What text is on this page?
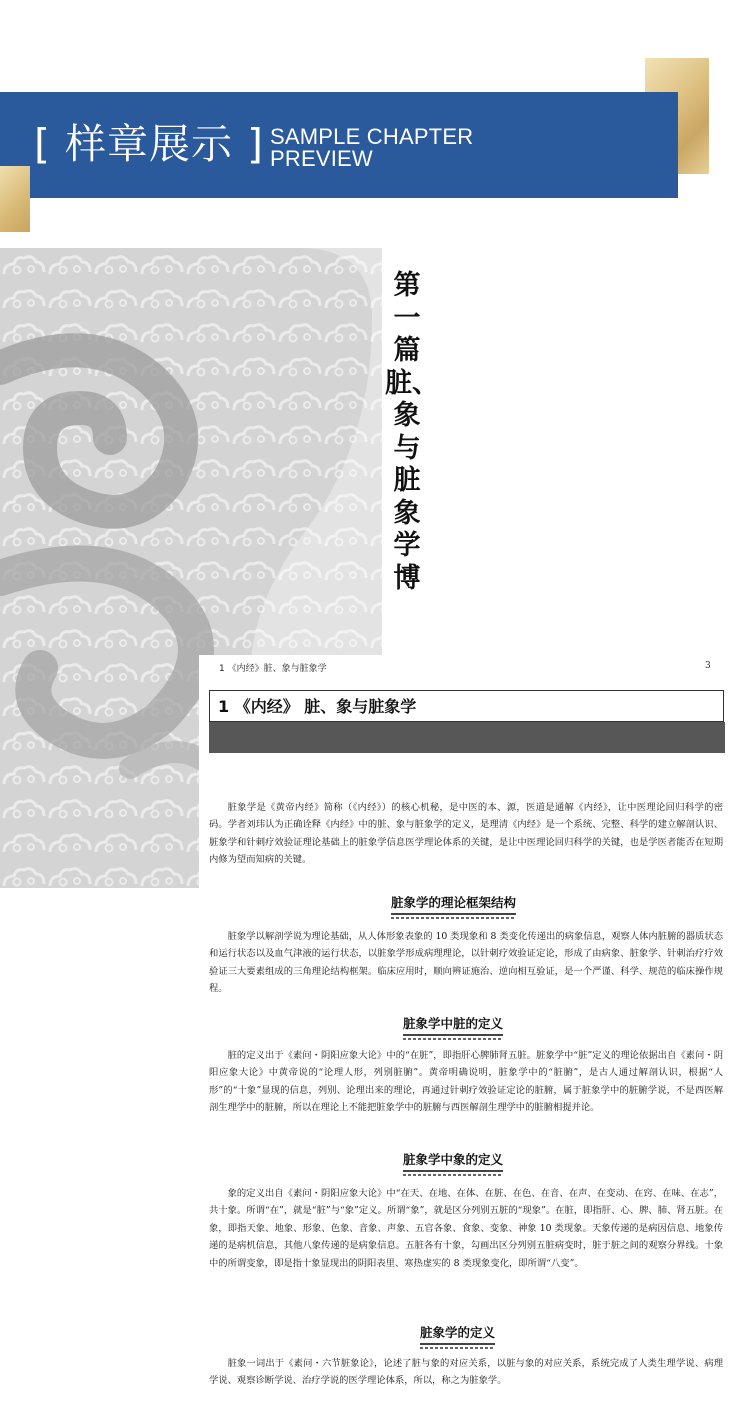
[ 样章展示 ] SAMPLE CHAPTER
PREVIEW
第一篇 脏、象与脏象学博
1 《内经》脏、象与脏象学	3
1 《内经》 脏、象与脏象学

脏象学是《黄帝内经》简称（《内经》）的核心机秘，是中医的本、源，医道是通解《内经》，让中医理论回归科学的密码。学者刘玮认为正确诠释《内经》中的脏、象与脏象学的定义，是理清《内经》是一个系统、完整、科学的建立解剖认识、脏象学和针刺疗效验证理论基础上的脏象学信息医学理论体系的关键，是让中医理论回归科学的关键，也是学医者能否在短期内修为望而知病的关键。

脏象学的理论框架结构

脏象学以解剖学说为理论基础，从人体形象表象的 10 类现象和 8 类变化传递出的病象信息，观察人体内脏腑的器质状态和运行状态以及血气津液的运行状态，以脏象学形成病理理论，以针刺疗效验证定论，形成了由病象、脏象学、针刺治疗疗效验证三大要素组成的三角理论结构框架。临床应用时，顺向辨证施治、逆向相互验证，是一个严谨、科学、规范的临床操作规程。

脏象学中脏的定义

脏的定义出于《素问・阴阳应象大论》中的“在脏”，即指肝心脾肺肾五脏。脏象学中“脏”定义的理论依据出自《素问・阴阳应象大论》中黄帝说的“论理人形，列别脏腑”。黄帝明确说明，脏象学中的“脏腑”，是古人通过解剖认识，根据“人形”的“十象”显现的信息，列别、论理出来的理论，再通过针刺疗效验证定论的脏腑，属于脏象学中的脏腑学说，不是西医解剖生理学中的脏腑，所以在理论上不能把脏象学中的脏腑与西医解剖生理学中的脏腑相提并论。

脏象学中象的定义

象的定义出自《素问・阴阳应象大论》中“在天、在地、在体、在脏、在色、在音、在声、在变动、在窍、在味、在志”，共十象。所谓“在”，就是“脏”与“象”定义。所谓“象”，就是区分列别五脏的“现象”。在脏，即指肝、心、脾、肺、肾五脏。在象，即指天象、地象、形象、色象、音象、声象、五官各象、食象、变象、神象 10 类现象。天象传递的是病因信息、地象传递的是病机信息，其他八象传递的是病象信息。五脏各有十象，勾画出区分列别五脏病变时，脏于脏之间的观察分界线。十象中的所谓变象，即是指十象显现出的阴阳表里、寒热虚实的 8 类现象变化，即所谓“八变”。

脏象学的定义

脏象一词出于《素问・六节脏象论》，论述了脏与象的对应关系，以脏与象的对应关系，系统完成了人类生理学说、病理学说、观察诊断学说、治疗学说的医学理论体系，所以，称之为脏象学。
